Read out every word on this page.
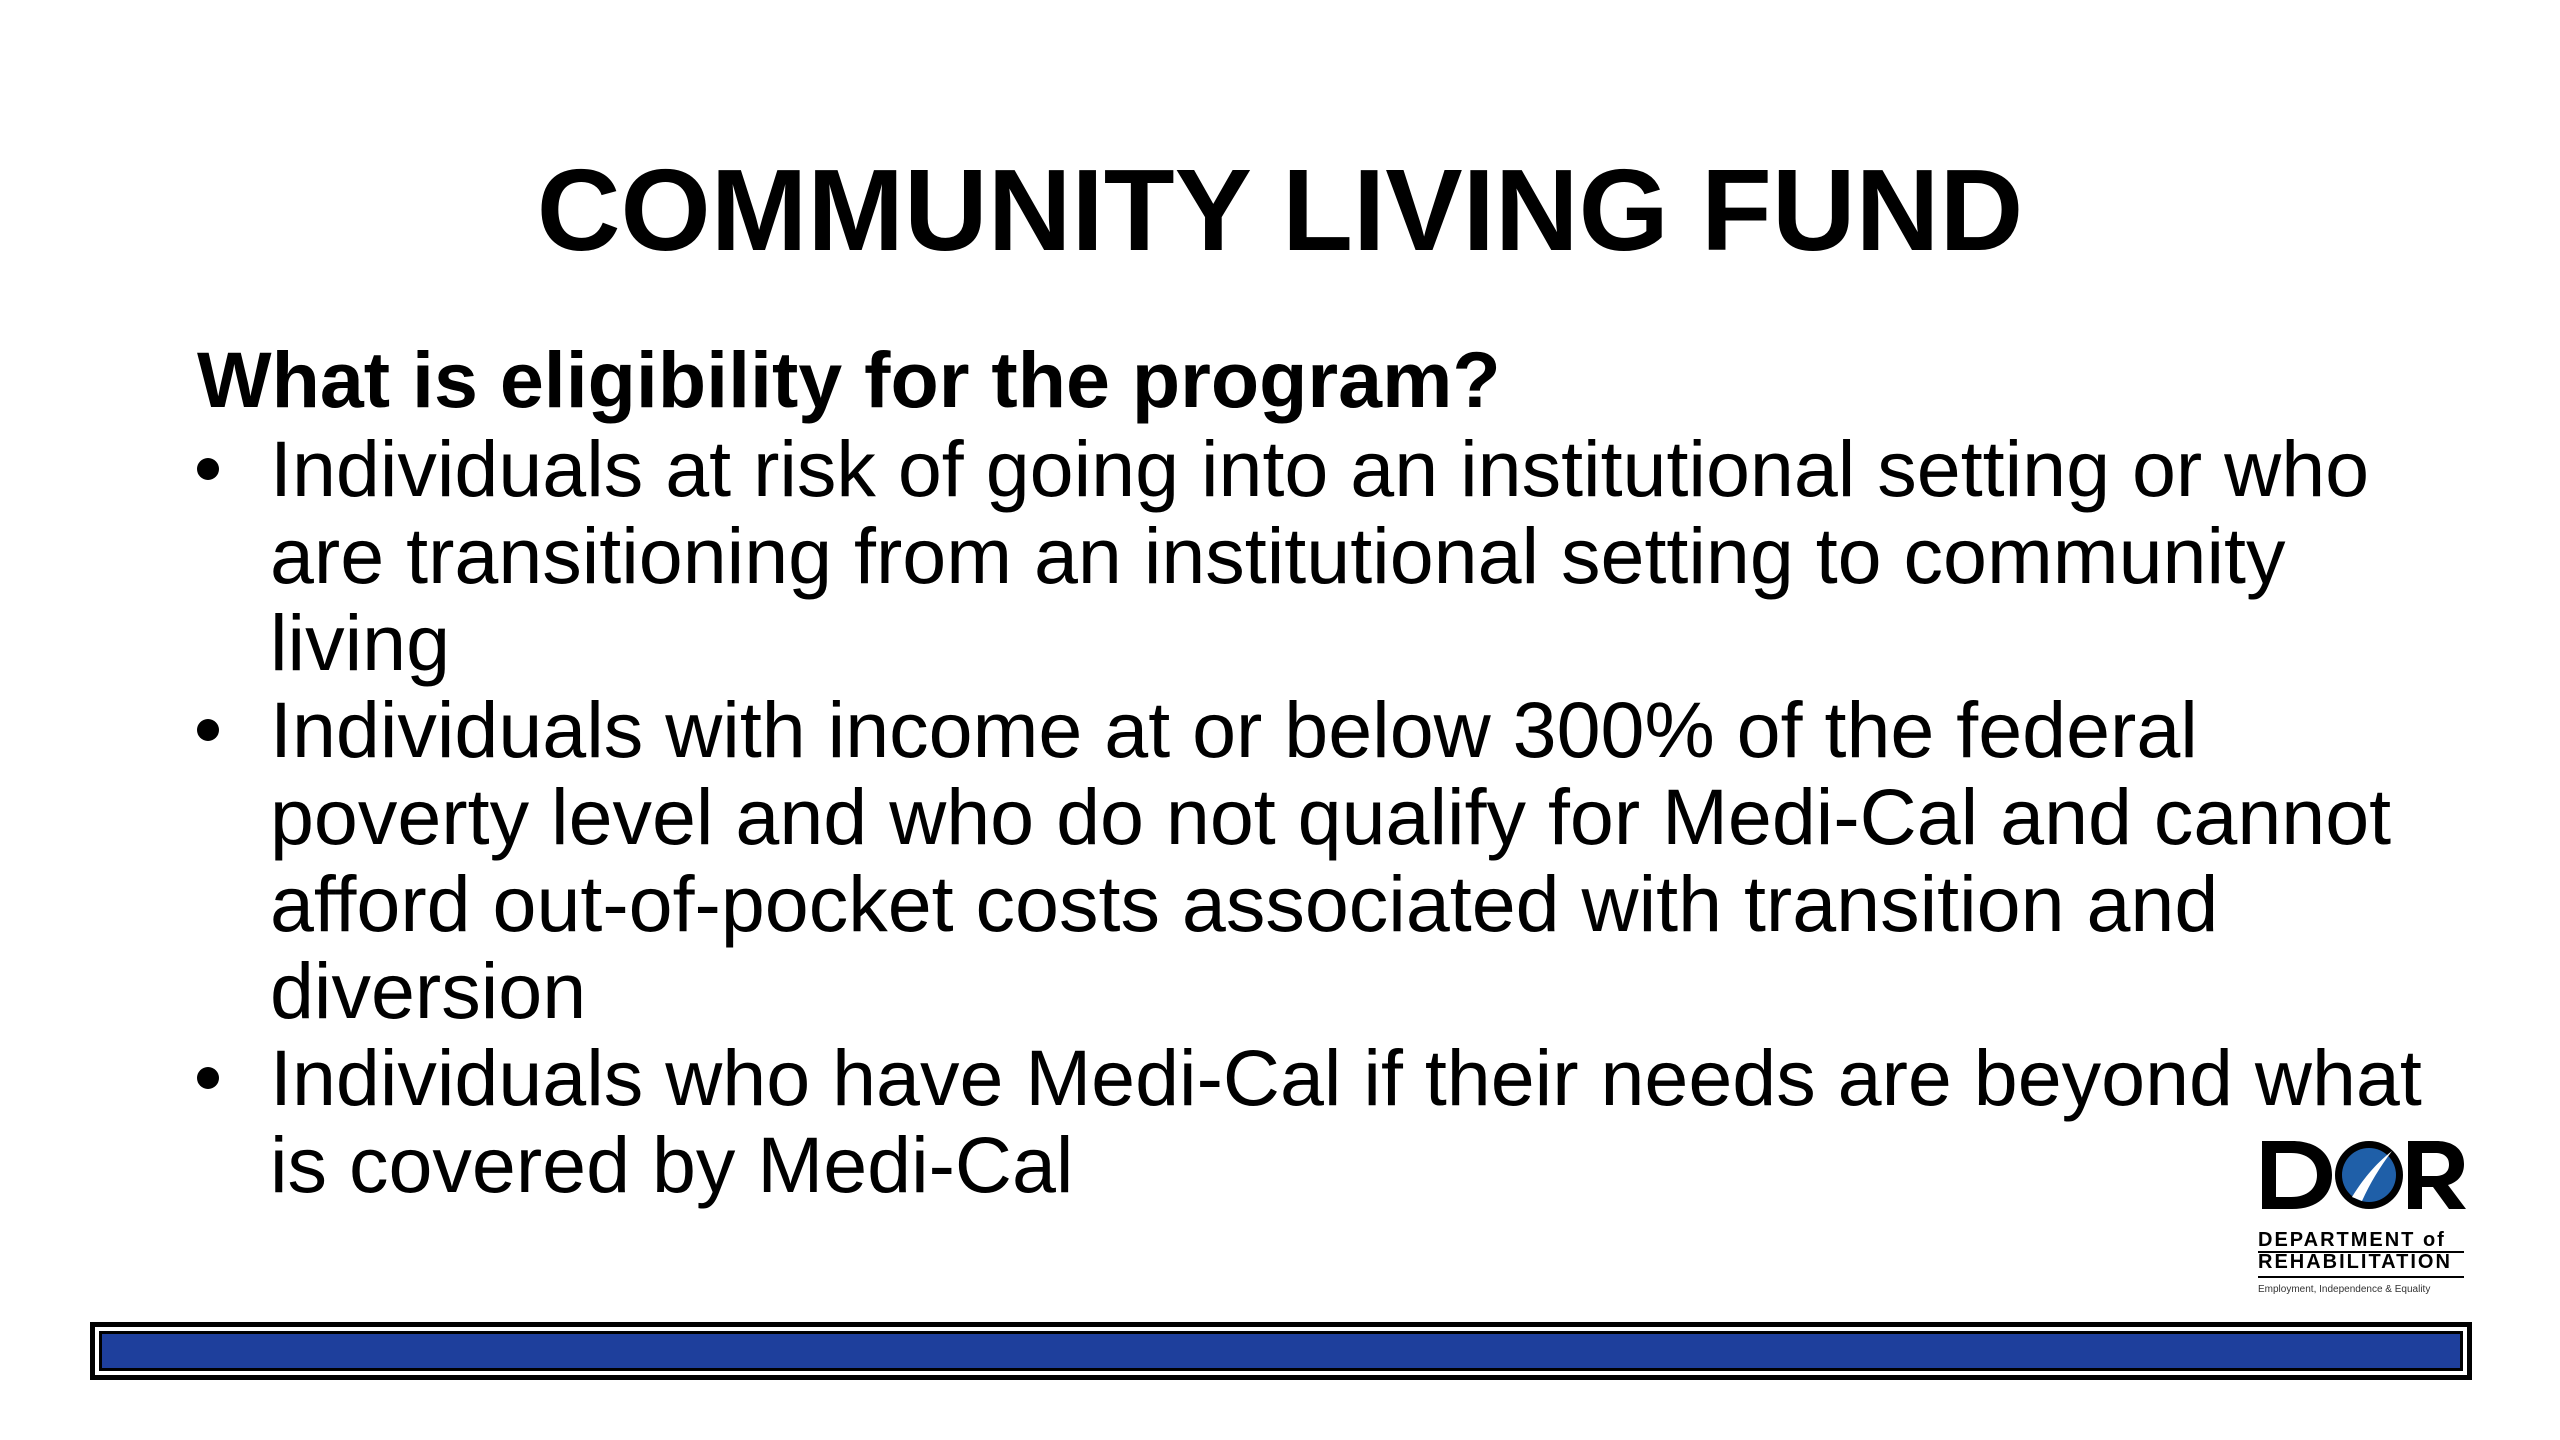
COMMUNITY LIVING FUND

What is eligibility for the program?

Individuals at risk of going into an institutional setting or who are transitioning from an institutional setting to community living
Individuals with income at or below 300% of the federal poverty level and who do not qualify for Medi-Cal and cannot afford out-of-pocket costs associated with transition and diversion
Individuals who have Medi-Cal if their needs are beyond what is covered by Medi-Cal
DEPARTMENT of
REHABILITATION
Employment, Independence & Equality
